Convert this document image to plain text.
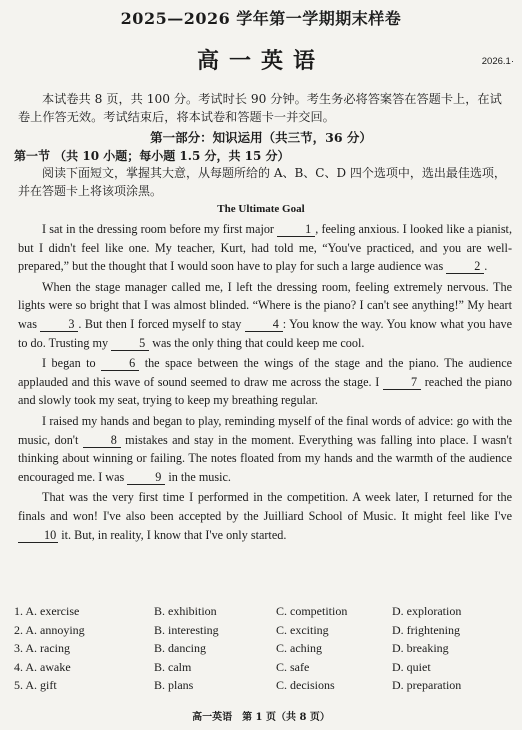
2025—2026 学年第一学期期末样卷
高一英语	2026.1·
本试卷共 8 页，共 100 分。考试时长 90 分钟。考生务必将答案答在答题卡上，在试卷上作答无效。考试结束后，将本试卷和答题卡一并交回。
第一部分：知识运用（共三节，36 分）
第一节 （共 10 小题；每小题 1.5 分，共 15 分）
阅读下面短文，掌握其大意，从每题所给的 A、B、C、D 四个选项中，选出最佳选项，并在答题卡上将该项涂黑。
The Ultimate Goal

I sat in the dressing room before my first major	1 , feeling anxious. I looked like a pianist, but I didn't feel like one. My teacher, Kurt, had told me, “You've practiced, and you are well-prepared,” but the thought that I would soon have to play for such a large audience was	2 .

When the stage manager called me, I left the dressing room, feeling extremely nervous. The lights were so bright that I was almost blinded. “Where is the piano? I can't see anything!” My heart was	3 . But then I forced myself to stay	4 : You know the way. You know what you have to do. Trusting my	5 was the only thing that could keep me cool.

I began to	6 the space between the wings of the stage and the piano. The audience applauded and this wave of sound seemed to draw me across the stage. I	7 reached the piano and slowly took my seat, trying to keep my breathing regular.

I raised my hands and began to play, reminding myself of the final words of advice: go with the music, don't	8 mistakes and stay in the moment. Everything was falling into place. I wasn't thinking about winning or failing. The notes floated from my hands and the warmth of the audience encouraged me. I was	9 in the music.

That was the very first time I performed in the competition. A week later, I returned for the finals and won! I've also been accepted by the Juilliard School of Music. It might feel like I've 10 it. But, in reality, I know that I've only started.

1. A. exercise	B. exhibition	C. competition	D. exploration
2. A. annoying	B. interesting	C. exciting	D. frightening
3. A. racing	B. dancing	C. aching	D. breaking
4. A. awake	B. calm	C. safe	D. quiet
5. A. gift	B. plans	C. decisions	D. preparation
高一英语　第 1 页（共 8 页）
